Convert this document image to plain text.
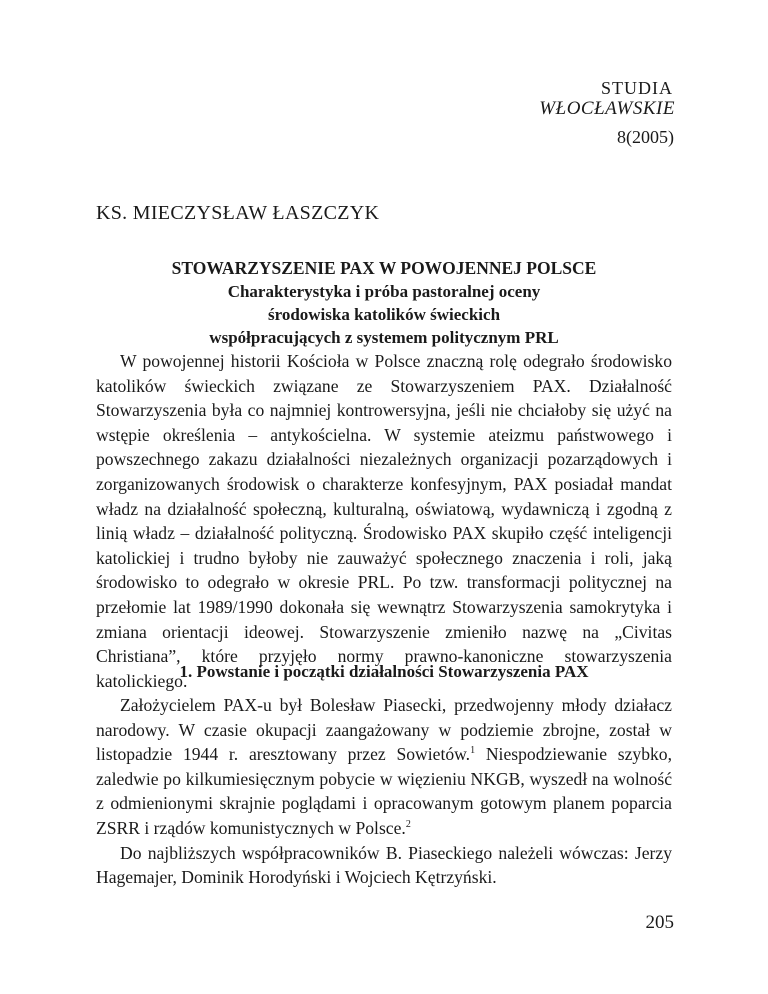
STUDIA
WŁOCŁAWSKIE
8(2005)
KS. MIECZYSŁAW ŁASZCZYK
STOWARZYSZENIE PAX W POWOJENNEJ POLSCE
Charakterystyka i próba pastoralnej oceny
środowiska katolików świeckich
współpracujących z systemem politycznym PRL

W powojennej historii Kościoła w Polsce znaczną rolę odegrało środowisko katolików świeckich związane ze Stowarzyszeniem PAX. Działalność Stowarzyszenia była co najmniej kontrowersyjna, jeśli nie chciałoby się użyć na wstępie określenia – antykościelna. W systemie ateizmu państwowego i powszechnego zakazu działalności niezależnych organizacji pozarządowych i zorganizowanych środowisk o charakterze konfesyjnym, PAX posiadał mandat władz na działalność społeczną, kulturalną, oświatową, wydawniczą i zgodną z linią władz – działalność polityczną. Środowisko PAX skupiło część inteligencji katolickiej i trudno byłoby nie zauważyć społecznego znaczenia i roli, jaką środowisko to odegrało w okresie PRL. Po tzw. transformacji politycznej na przełomie lat 1989/1990 dokonała się wewnątrz Stowarzyszenia samokrytyka i zmiana orientacji ideowej. Stowarzyszenie zmieniło nazwę na „Civitas Christiana”, które przyjęło normy prawno-kanoniczne stowarzyszenia katolickiego.

1. Powstanie i początki działalności Stowarzyszenia PAX

Założycielem PAX-u był Bolesław Piasecki, przedwojenny młody działacz narodowy. W czasie okupacji zaangażowany w podziemie zbrojne, został w listopadzie 1944 r. aresztowany przez Sowietów.$^1$ Niespodziewanie szybko, zaledwie po kilkumiesięcznym pobycie w więzieniu NKGB, wyszedł na wolność z odmienionymi skrajnie poglądami i opracowanym gotowym planem poparcia ZSRR i rządów komunistycznych w Polsce.$^2$

Do najbliższych współpracowników B. Piaseckiego należeli wówczas: Jerzy Hagemajer, Dominik Horodyński i Wojciech Kętrzyński.

205
